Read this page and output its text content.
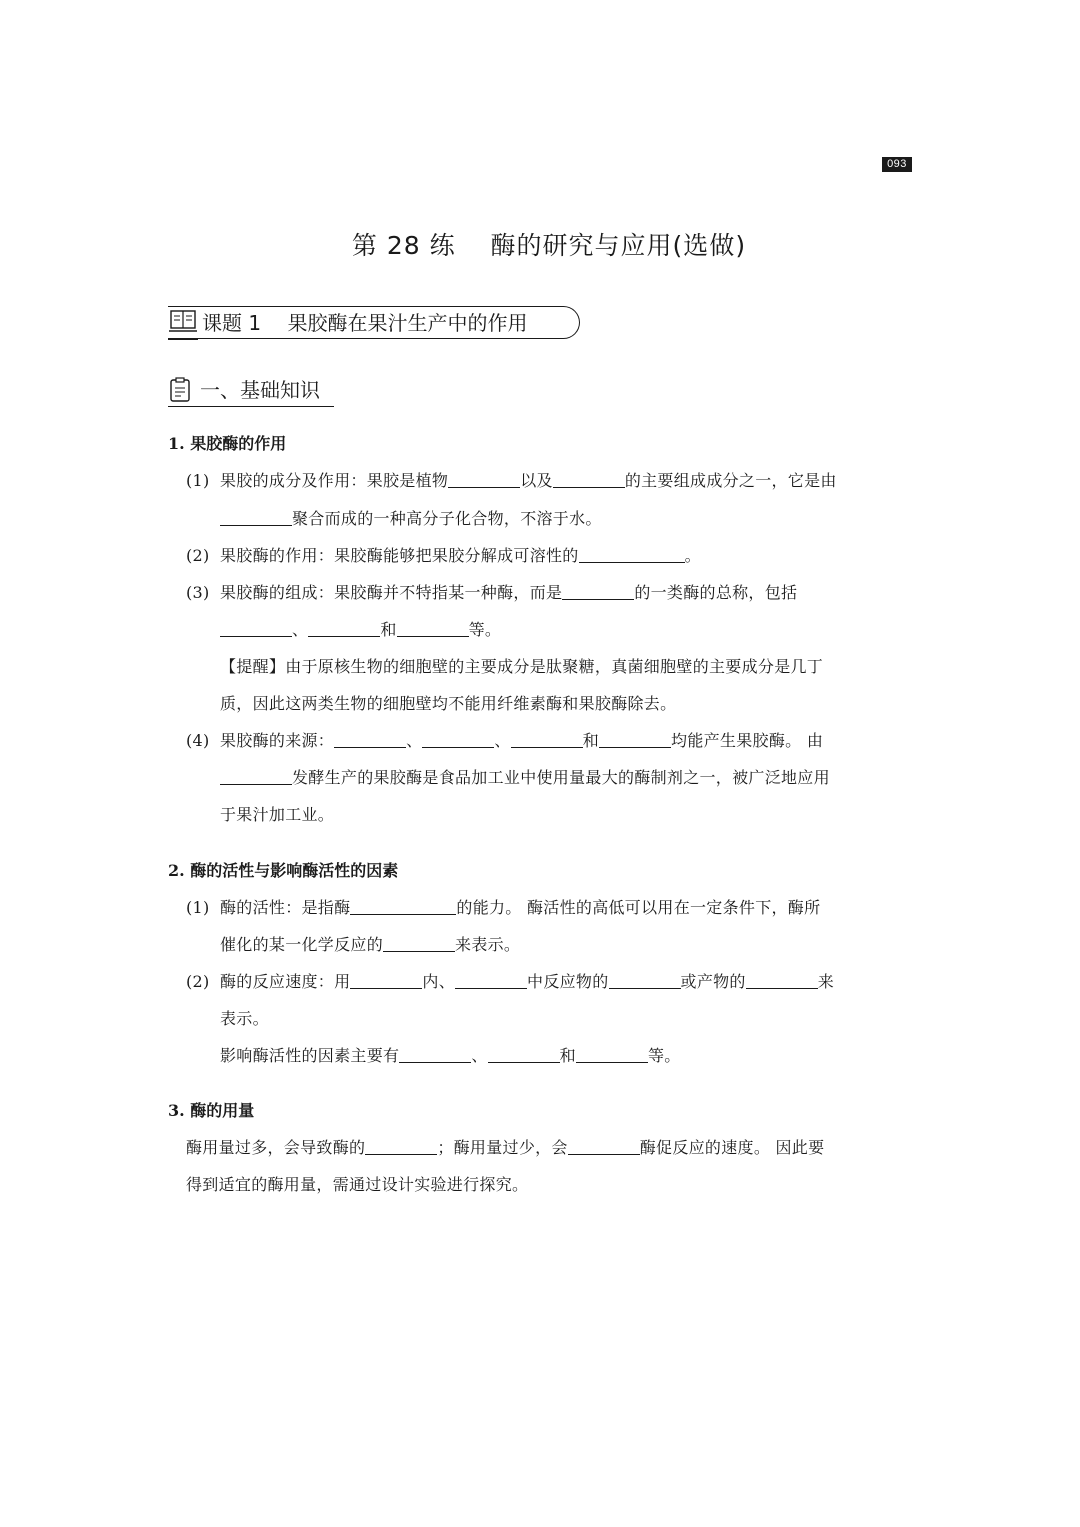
093
第 28 练　 酶的研究与应用(选做)
课题 1　 果胶酶在果汁生产中的作用
一、基础知识
1. 果胶酶的作用
(1) 果胶的成分及作用：果胶是植物	以及	的主要组成成分之一，它是由
聚合而成的一种高分子化合物，不溶于水。
(2) 果胶酶的作用：果胶酶能够把果胶分解成可溶性的	。
(3) 果胶酶的组成：果胶酶并不特指某一种酶，而是	的一类酶的总称，包括
、	和	等。
【提醒】由于原核生物的细胞壁的主要成分是肽聚糖，真菌细胞壁的主要成分是几丁
质，因此这两类生物的细胞壁均不能用纤维素酶和果胶酶除去。
(4) 果胶酶的来源：	、	、	和	均能产生果胶酶。 由
发酵生产的果胶酶是食品加工业中使用量最大的酶制剂之一，被广泛地应用
于果汁加工业。
2. 酶的活性与影响酶活性的因素
(1) 酶的活性：是指酶	的能力。 酶活性的高低可以用在一定条件下，酶所
催化的某一化学反应的	来表示。
(2) 酶的反应速度：用	内、	中反应物的	或产物的	来
表示。
影响酶活性的因素主要有	、	和	等。
3. 酶的用量
酶用量过多，会导致酶的	；酶用量过少，会	酶促反应的速度。 因此要
得到适宜的酶用量，需通过设计实验进行探究。
